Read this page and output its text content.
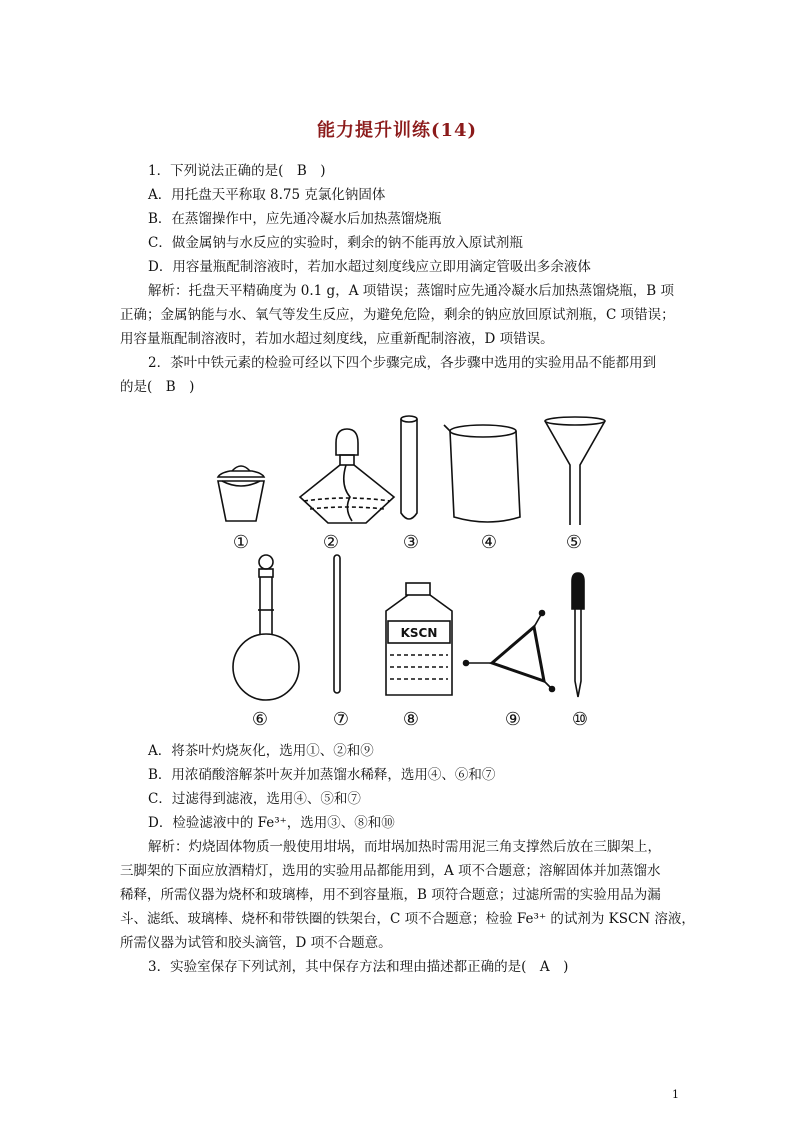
能力提升训练(14)
1．下列说法正确的是(　B　)
A．用托盘天平称取 8.75 克氯化钠固体
B．在蒸馏操作中，应先通冷凝水后加热蒸馏烧瓶
C．做金属钠与水反应的实验时，剩余的钠不能再放入原试剂瓶
D．用容量瓶配制溶液时，若加水超过刻度线应立即用滴定管吸出多余液体
解析：托盘天平精确度为 0.1 g，A 项错误；蒸馏时应先通冷凝水后加热蒸馏烧瓶，B 项
正确；金属钠能与水、氧气等发生反应，为避免危险，剩余的钠应放回原试剂瓶，C 项错误；
用容量瓶配制溶液时，若加水超过刻度线，应重新配制溶液，D 项错误。
2．茶叶中铁元素的检验可经以下四个步骤完成，各步骤中选用的实验用品不能都用到
的是(　B　)
KSCN
①	②	③	④	⑤
⑥	⑦	⑧	⑨	⑩
A．将茶叶灼烧灰化，选用①、②和⑨
B．用浓硝酸溶解茶叶灰并加蒸馏水稀释，选用④、⑥和⑦
C．过滤得到滤液，选用④、⑤和⑦
D．检验滤液中的 Fe³⁺，选用③、⑧和⑩
解析：灼烧固体物质一般使用坩埚，而坩埚加热时需用泥三角支撑然后放在三脚架上，
三脚架的下面应放酒精灯，选用的实验用品都能用到，A 项不合题意；溶解固体并加蒸馏水
稀释，所需仪器为烧杯和玻璃棒，用不到容量瓶，B 项符合题意；过滤所需的实验用品为漏
斗、滤纸、玻璃棒、烧杯和带铁圈的铁架台，C 项不合题意；检验 Fe³⁺ 的试剂为 KSCN 溶液，
所需仪器为试管和胶头滴管，D 项不合题意。
3．实验室保存下列试剂，其中保存方法和理由描述都正确的是(　A　)
1
